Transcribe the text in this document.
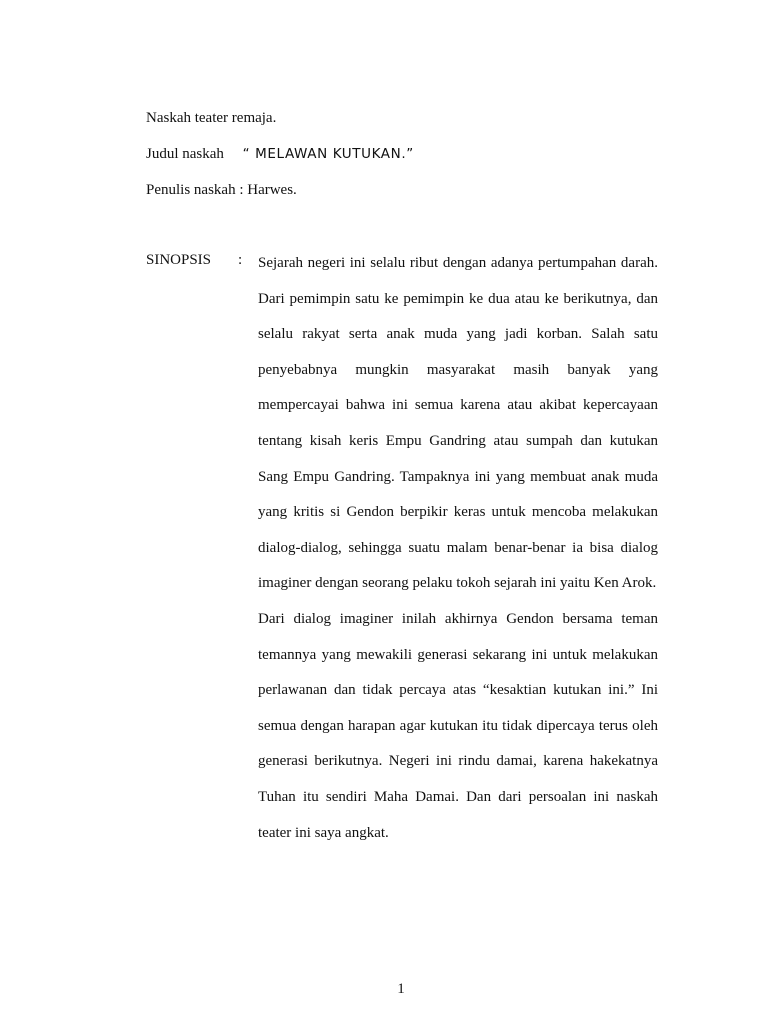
Naskah teater remaja.
Judul naskah “ MELAWAN KUTUKAN.”
Penulis naskah : Harwes.
SINOPSIS : Sejarah negeri ini selalu ribut dengan adanya pertumpahan darah. Dari pemimpin satu ke pemimpin ke dua atau ke berikutnya, dan selalu rakyat serta anak muda yang jadi korban. Salah satu penyebabnya mungkin masyarakat masih banyak yang mempercayai bahwa ini semua karena atau akibat kepercayaan tentang kisah keris Empu Gandring atau sumpah dan kutukan Sang Empu Gandring. Tampaknya ini yang membuat anak muda yang kritis si Gendon berpikir keras untuk mencoba melakukan dialog-dialog, sehingga suatu malam benar-benar ia bisa dialog imaginer dengan seorang pelaku tokoh sejarah ini yaitu Ken Arok.

Dari dialog imaginer inilah akhirnya Gendon bersama teman temannya yang mewakili generasi sekarang ini untuk melakukan perlawanan dan tidak percaya atas “kesaktian kutukan ini.” Ini semua dengan harapan agar kutukan itu tidak dipercaya terus oleh generasi berikutnya. Negeri ini rindu damai, karena hakekatnya Tuhan itu sendiri Maha Damai. Dan dari persoalan ini naskah teater ini saya angkat.

1
